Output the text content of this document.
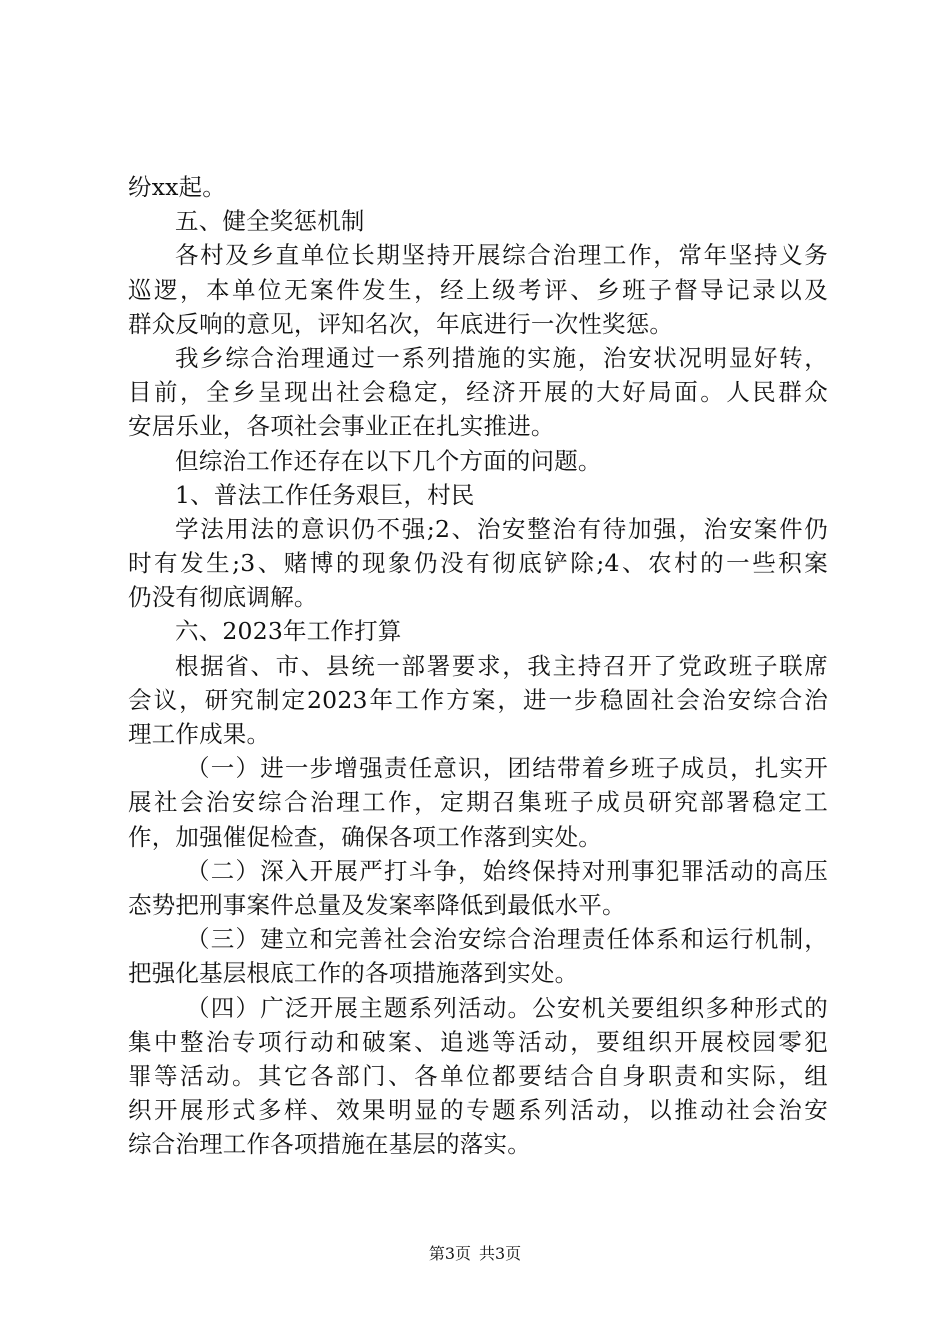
纷xx起。
五、健全奖惩机制
各村及乡直单位长期坚持开展综合治理工作，常年坚持义务
巡逻，本单位无案件发生，经上级考评、乡班子督导记录以及
群众反响的意见，评知名次，年底进行一次性奖惩。
我乡综合治理通过一系列措施的实施，治安状况明显好转，
目前，全乡呈现出社会稳定，经济开展的大好局面。人民群众
安居乐业，各项社会事业正在扎实推进。
但综治工作还存在以下几个方面的问题。
1、普法工作任务艰巨，村民
学法用法的意识仍不强;2、治安整治有待加强，治安案件仍
时有发生;3、赌博的现象仍没有彻底铲除;4、农村的一些积案
仍没有彻底调解。
六、2023年工作打算
根据省、市、县统一部署要求，我主持召开了党政班子联席
会议，研究制定2023年工作方案，进一步稳固社会治安综合治
理工作成果。
（一）进一步增强责任意识，团结带着乡班子成员，扎实开
展社会治安综合治理工作，定期召集班子成员研究部署稳定工
作，加强催促检查，确保各项工作落到实处。
（二）深入开展严打斗争，始终保持对刑事犯罪活动的高压
态势把刑事案件总量及发案率降低到最低水平。
（三）建立和完善社会治安综合治理责任体系和运行机制，
把强化基层根底工作的各项措施落到实处。
（四）广泛开展主题系列活动。公安机关要组织多种形式的
集中整治专项行动和破案、追逃等活动，要组织开展校园零犯
罪等活动。其它各部门、各单位都要结合自身职责和实际，组
织开展形式多样、效果明显的专题系列活动，以推动社会治安
综合治理工作各项措施在基层的落实。
第3页 共3页
